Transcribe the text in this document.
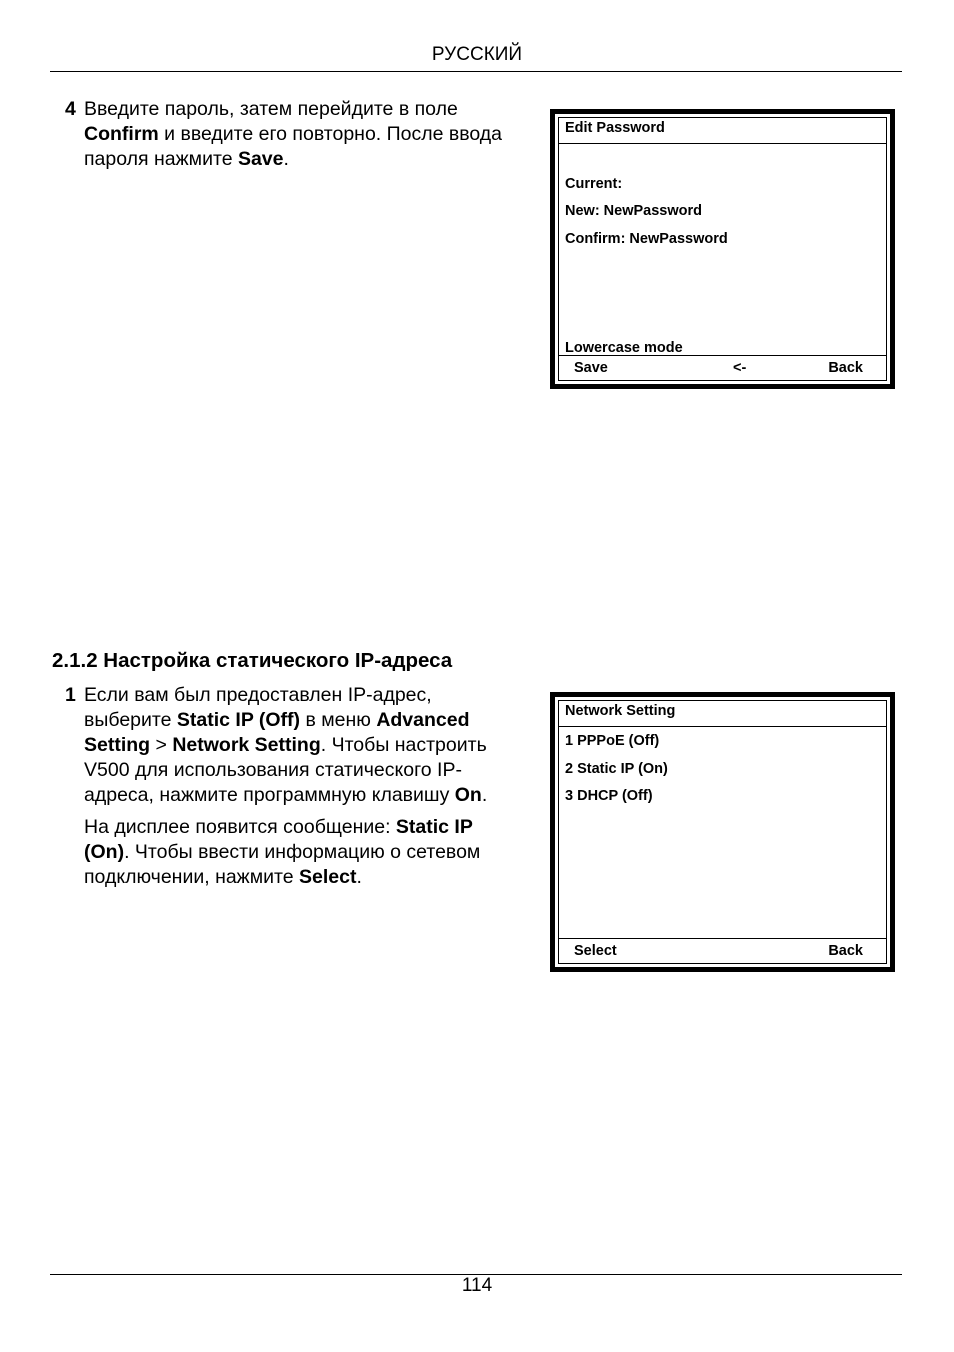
РУССКИЙ
4 Введите пароль, затем перейдите в поле
Confirm и введите его повторно. После ввода
пароля нажмите Save.
Edit Password
Current:
New: NewPassword
Confirm: NewPassword
Lowercase mode
Save	<-	Back
2.1.2 Настройка статического IP-адреса
1 Если вам был предоставлен IP-адрес,
выберите Static IP (Off) в меню Advanced
Setting > Network Setting. Чтобы настроить
V500 для использования статического IP-
адреса, нажмите программную клавишу On.
На дисплее появится сообщение: Static IP
(On). Чтобы ввести информацию о сетевом
подключении, нажмите Select.
Network Setting
1 PPPoE (Off)
2 Static IP (On)
3 DHCP (Off)
Select	Back
114
